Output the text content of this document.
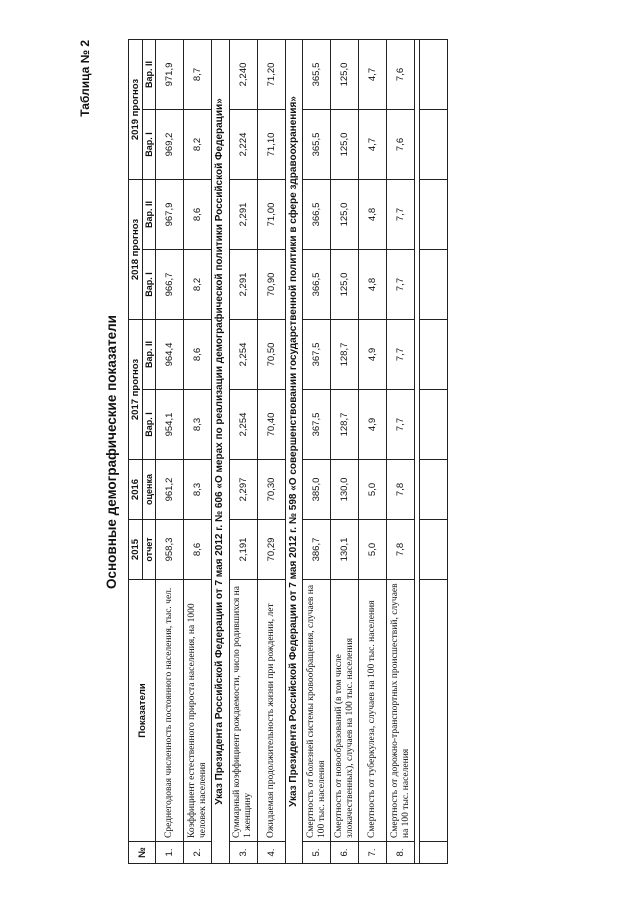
Таблица № 2
Основные демографические показатели
№	Показатели	2015	2016	2017 прогноз		2018 прогноз		2019 прогноз	
		отчет	оценка	Вар. I	Вар. II	Вар. I	Вар. II	Вар. I	Вар. II
1.	Среднегодовая численность постоянного населения, тыс. чел.	958,3	961,2	954,1	964,4	966,7	967,9	969,2	971,9
2.	Коэффициент естественного прироста населения, на 1000 человек населения	8,6	8,3	8,3	8,6	8,2	8,6	8,2	8,7
Указ Президента Российской Федерации от 7 мая 2012 г. № 606 «О мерах по реализации демографической политики Российской Федерации»									
3.	Суммарный коэффициент рождаемости, число родившихся на 1 женщину	2,191	2,297	2,254	2,254	2,291	2,291	2,224	2,240
4.	Ожидаемая продолжительность жизни при рождении, лет	70,29	70,30	70,40	70,50	70,90	71,00	71,10	71,20
Указ Президента Российской Федерации от 7 мая 2012 г. № 598 «О совершенствовании государственной политики в сфере здравоохранения»									
5.	Смертность от болезней системы кровообращения, случаев на 100 тыс. населения	386,7	385,0	367,5	367,5	366,5	366,5	365,5	365,5
6.	Смертность от новообразований (в том числе злокачественных), случаев на 100 тыс. населения	130,1	130,0	128,7	128,7	125,0	125,0	125,0	125,0
7.	Смертность от туберкулеза, случаев на 100 тыс. населения	5,0	5,0	4,9	4,9	4,8	4,8	4,7	4,7
8.	Смертность от дорожно-транспортных происшествий, случаев на 100 тыс. населения	7,8	7,8	7,7	7,7	7,7	7,7	7,6	7,6
